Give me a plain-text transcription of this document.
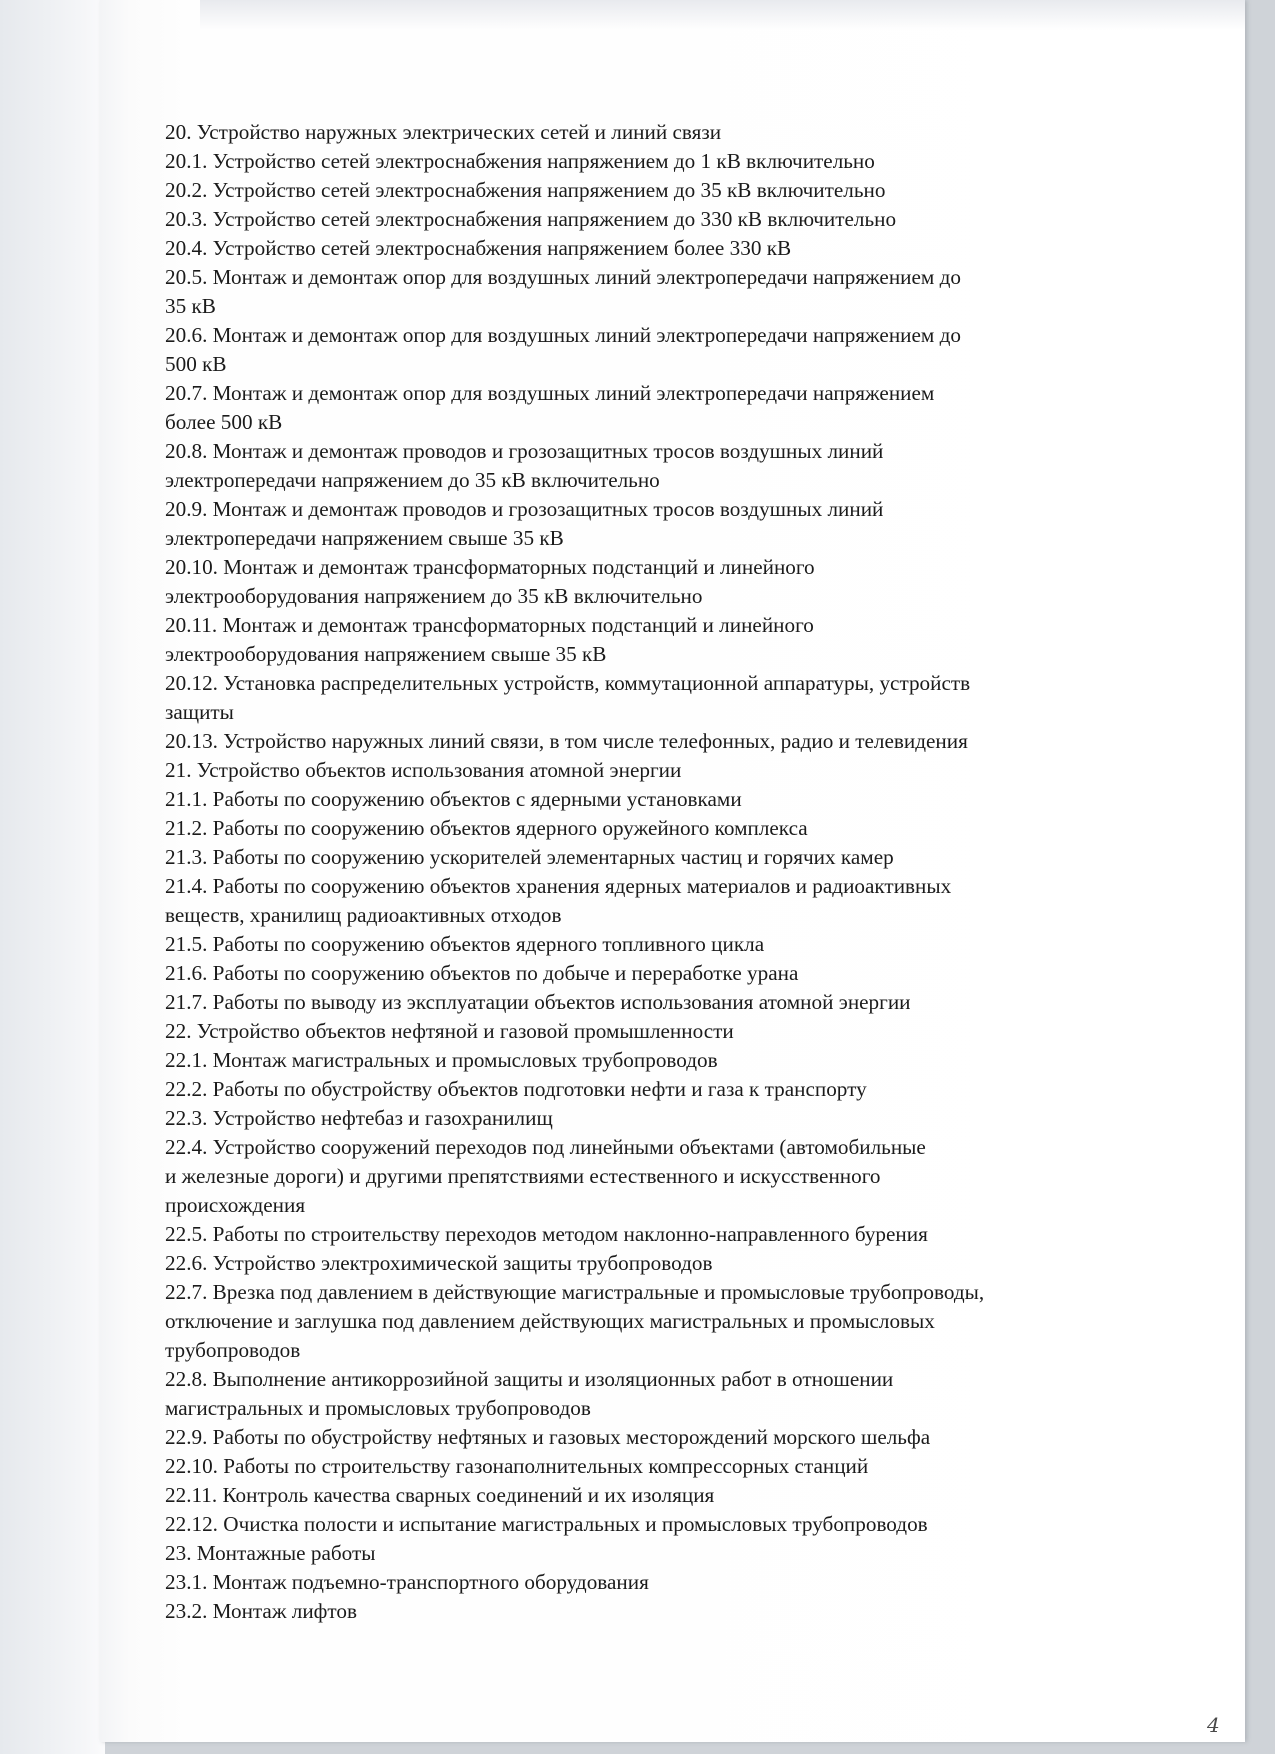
20. Устройство наружных электрических сетей и линий связи
20.1. Устройство сетей электроснабжения напряжением до 1 кВ включительно
20.2. Устройство сетей электроснабжения напряжением до 35 кВ включительно
20.3. Устройство сетей электроснабжения напряжением до 330 кВ включительно
20.4. Устройство сетей электроснабжения напряжением более 330 кВ
20.5. Монтаж и демонтаж опор для воздушных линий электропередачи напряжением до
35 кВ
20.6. Монтаж и демонтаж опор для воздушных линий электропередачи напряжением до
500 кВ
20.7. Монтаж и демонтаж опор для воздушных линий электропередачи напряжением
более 500 кВ
20.8. Монтаж и демонтаж проводов и грозозащитных тросов воздушных линий
электропередачи напряжением до 35 кВ включительно
20.9. Монтаж и демонтаж проводов и грозозащитных тросов воздушных линий
электропередачи напряжением свыше 35 кВ
20.10. Монтаж и демонтаж трансформаторных подстанций и линейного
электрооборудования напряжением до 35 кВ включительно
20.11. Монтаж и демонтаж трансформаторных подстанций и линейного
электрооборудования напряжением свыше 35 кВ
20.12. Установка распределительных устройств, коммутационной аппаратуры, устройств
защиты
20.13. Устройство наружных линий связи, в том числе телефонных, радио и телевидения
21. Устройство объектов использования атомной энергии
21.1. Работы по сооружению объектов с ядерными установками
21.2. Работы по сооружению объектов ядерного оружейного комплекса
21.3. Работы по сооружению ускорителей элементарных частиц и горячих камер
21.4. Работы по сооружению объектов хранения ядерных материалов и радиоактивных
веществ, хранилищ радиоактивных отходов
21.5. Работы по сооружению объектов ядерного топливного цикла
21.6. Работы по сооружению объектов по добыче и переработке урана
21.7. Работы по выводу из эксплуатации объектов использования атомной энергии
22. Устройство объектов нефтяной и газовой промышленности
22.1. Монтаж магистральных и промысловых трубопроводов
22.2. Работы по обустройству объектов подготовки нефти и газа к транспорту
22.3. Устройство нефтебаз и газохранилищ
22.4. Устройство сооружений переходов под линейными объектами (автомобильные
и железные дороги) и другими препятствиями естественного и искусственного
происхождения
22.5. Работы по строительству переходов методом наклонно-направленного бурения
22.6. Устройство электрохимической защиты трубопроводов
22.7. Врезка под давлением в действующие магистральные и промысловые трубопроводы,
отключение и заглушка под давлением действующих магистральных и промысловых
трубопроводов
22.8. Выполнение антикоррозийной защиты и изоляционных работ в отношении
магистральных и промысловых трубопроводов
22.9. Работы по обустройству нефтяных и газовых месторождений морского шельфа
22.10. Работы по строительству газонаполнительных компрессорных станций
22.11. Контроль качества сварных соединений и их изоляция
22.12. Очистка полости и испытание магистральных и промысловых трубопроводов
23. Монтажные работы
23.1. Монтаж подъемно-транспортного оборудования
23.2. Монтаж лифтов
4
